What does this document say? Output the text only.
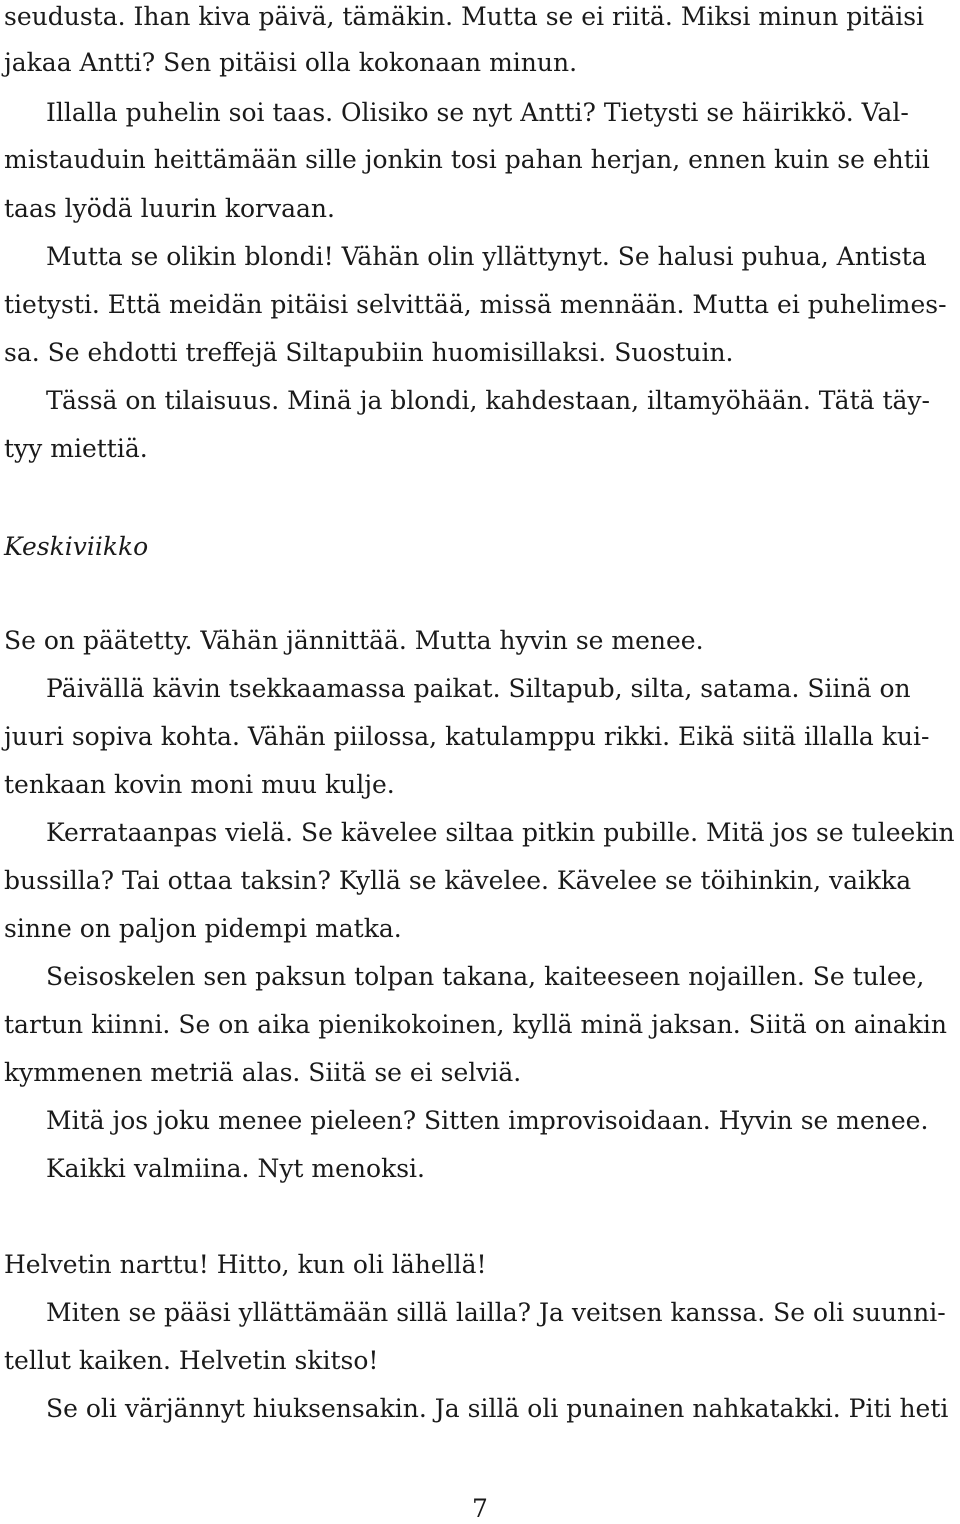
seudusta. Ihan kiva päivä, tämäkin. Mutta se ei riitä. Miksi minun pitäisi
jakaa Antti? Sen pitäisi olla kokonaan minun.
Illalla puhelin soi taas. Olisiko se nyt Antti? Tietysti se häirikkö. Val-
mistauduin heittämään sille jonkin tosi pahan herjan, ennen kuin se ehtii
taas lyödä luurin korvaan.
Mutta se olikin blondi! Vähän olin yllättynyt. Se halusi puhua, Antista
tietysti. Että meidän pitäisi selvittää, missä mennään. Mutta ei puhelimes-
sa. Se ehdotti treffejä Siltapubiin huomisillaksi. Suostuin.
Tässä on tilaisuus. Minä ja blondi, kahdestaan, iltamyöhään. Tätä täy-
tyy miettiä.
Keskiviikko
Se on päätetty. Vähän jännittää. Mutta hyvin se menee.
Päivällä kävin tsekkaamassa paikat. Siltapub, silta, satama. Siinä on
juuri sopiva kohta. Vähän piilossa, katulamppu rikki. Eikä siitä illalla kui-
tenkaan kovin moni muu kulje.
Kerrataanpas vielä. Se kävelee siltaa pitkin pubille. Mitä jos se tuleekin
bussilla? Tai ottaa taksin? Kyllä se kävelee. Kävelee se töihinkin, vaikka
sinne on paljon pidempi matka.
Seisoskelen sen paksun tolpan takana, kaiteeseen nojaillen. Se tulee,
tartun kiinni. Se on aika pienikokoinen, kyllä minä jaksan. Siitä on ainakin
kymmenen metriä alas. Siitä se ei selviä.
Mitä jos joku menee pieleen? Sitten improvisoidaan. Hyvin se menee.
Kaikki valmiina. Nyt menoksi.
Helvetin narttu! Hitto, kun oli lähellä!
Miten se pääsi yllättämään sillä lailla? Ja veitsen kanssa. Se oli suunni-
tellut kaiken. Helvetin skitso!
Se oli värjännyt hiuksensakin. Ja sillä oli punainen nahkatakki. Piti heti
7
